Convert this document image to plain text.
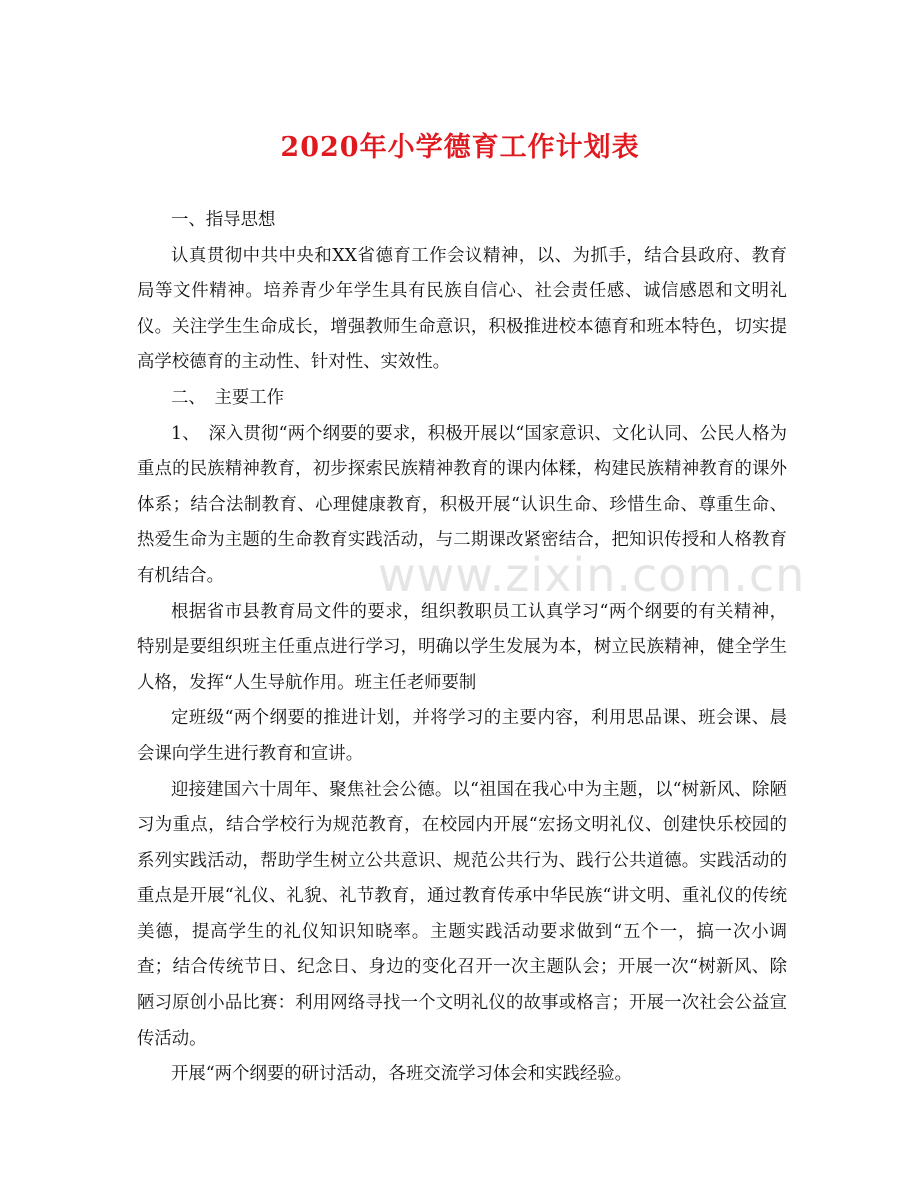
2020年小学德育工作计划表

一、指导思想

认真贯彻中共中央和XX省德育工作会议精神，以、为抓手，结合县政府、教育局等文件精神。培养青少年学生具有民族自信心、社会责任感、诚信感恩和文明礼仪。关注学生生命成长，增强教师生命意识，积极推进校本德育和班本特色，切实提高学校德育的主动性、针对性、实效性。

二、　主要工作

1、　深入贯彻“两个纲要的要求，积极开展以“国家意识、文化认同、公民人格为重点的民族精神教育，初步探索民族精神教育的课内体糅，构建民族精神教育的课外体系；结合法制教育、心理健康教育，积极开展“认识生命、珍惜生命、尊重生命、热爱生命为主题的生命教育实践活动，与二期课改紧密结合，把知识传授和人格教育有机结合。

根据省市县教育局文件的要求，组织教职员工认真学习“两个纲要的有关精神，特别是要组织班主任重点进行学习，明确以学生发展为本，树立民族精神，健全学生人格，发挥“人生导航作用。班主任老师要制

定班级“两个纲要的推进计划，并将学习的主要内容，利用思品课、班会课、晨会课向学生进行教育和宣讲。

迎接建国六十周年、聚焦社会公德。以“祖国在我心中为主题，以“树新风、除陋习为重点，结合学校行为规范教育，在校园内开展“宏扬文明礼仪、创建快乐校园的系列实践活动，帮助学生树立公共意识、规范公共行为、践行公共道德。实践活动的重点是开展“礼仪、礼貌、礼节教育，通过教育传承中华民族“讲文明、重礼仪的传统美德，提高学生的礼仪知识知晓率。主题实践活动要求做到“五个一，搞一次小调查；结合传统节日、纪念日、身边的变化召开一次主题队会；开展一次“树新风、除陋习原创小品比赛：利用网络寻找一个文明礼仪的故事或格言；开展一次社会公益宣传活动。

开展“两个纲要的研讨活动，各班交流学习体会和实践经验。

www.zixin.com.cn
